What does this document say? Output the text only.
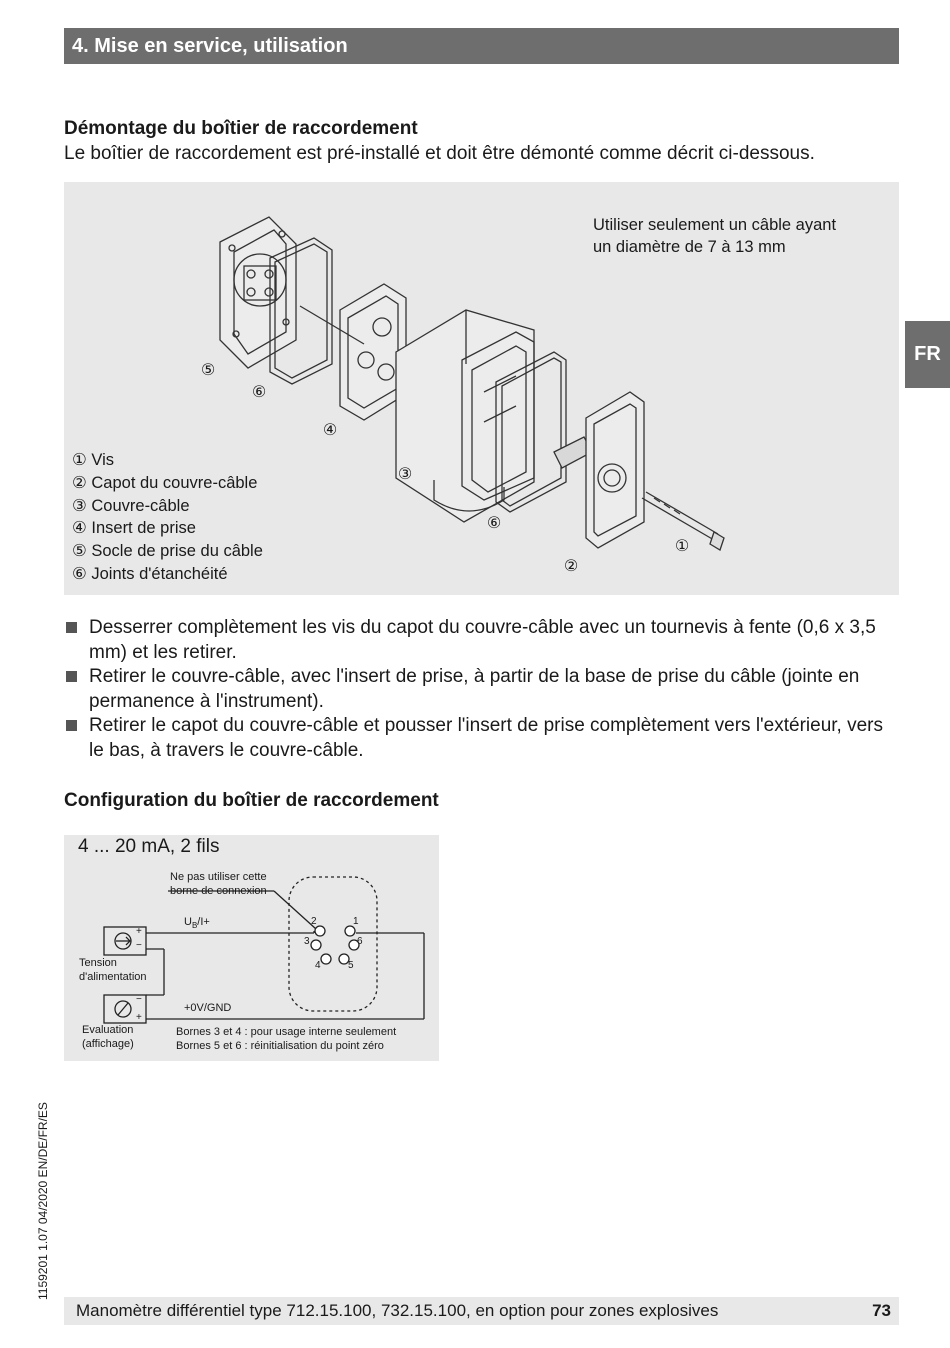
4. Mise en service, utilisation
FR
Démontage du boîtier de raccordement
Le boîtier de raccordement est pré-installé et doit être démonté comme décrit ci-dessous.
Utiliser seulement un câble ayant
un diamètre de 7 à 13 mm
① Vis
② Capot du couvre-câble
③ Couvre-câble
④ Insert de prise
⑤ Socle de prise du câble
⑥ Joints d'étanchéité
⑤
⑥
④
③
⑥
①
②
Desserrer complètement les vis du capot du couvre-câble avec un tournevis à fente (0,6 x 3,5 mm) et les retirer.
Retirer le couvre-câble, avec l'insert de prise, à partir de la base de prise du câble (jointe en permanence à l'instrument).
Retirer le capot du couvre-câble et pousser l'insert de prise complètement vers l'extérieur, vers le bas, à travers le couvre-câble.
Configuration du boîtier de raccordement
4 ... 20 mA, 2 fils
Ne pas utiliser cette
borne de connexion
$U_B/I+$
+0V/GND
Tension
d'alimentation
Evaluation
(affichage)
Bornes 3 et 4 : pour usage interne seulement
Bornes 5 et 6 : réinitialisation du point zéro
+
−
−
+
2	1
3	6
4	5
1159201 1.07 04/2020 EN/DE/FR/ES
Manomètre différentiel type 712.15.100, 732.15.100, en option pour zones explosives	73
